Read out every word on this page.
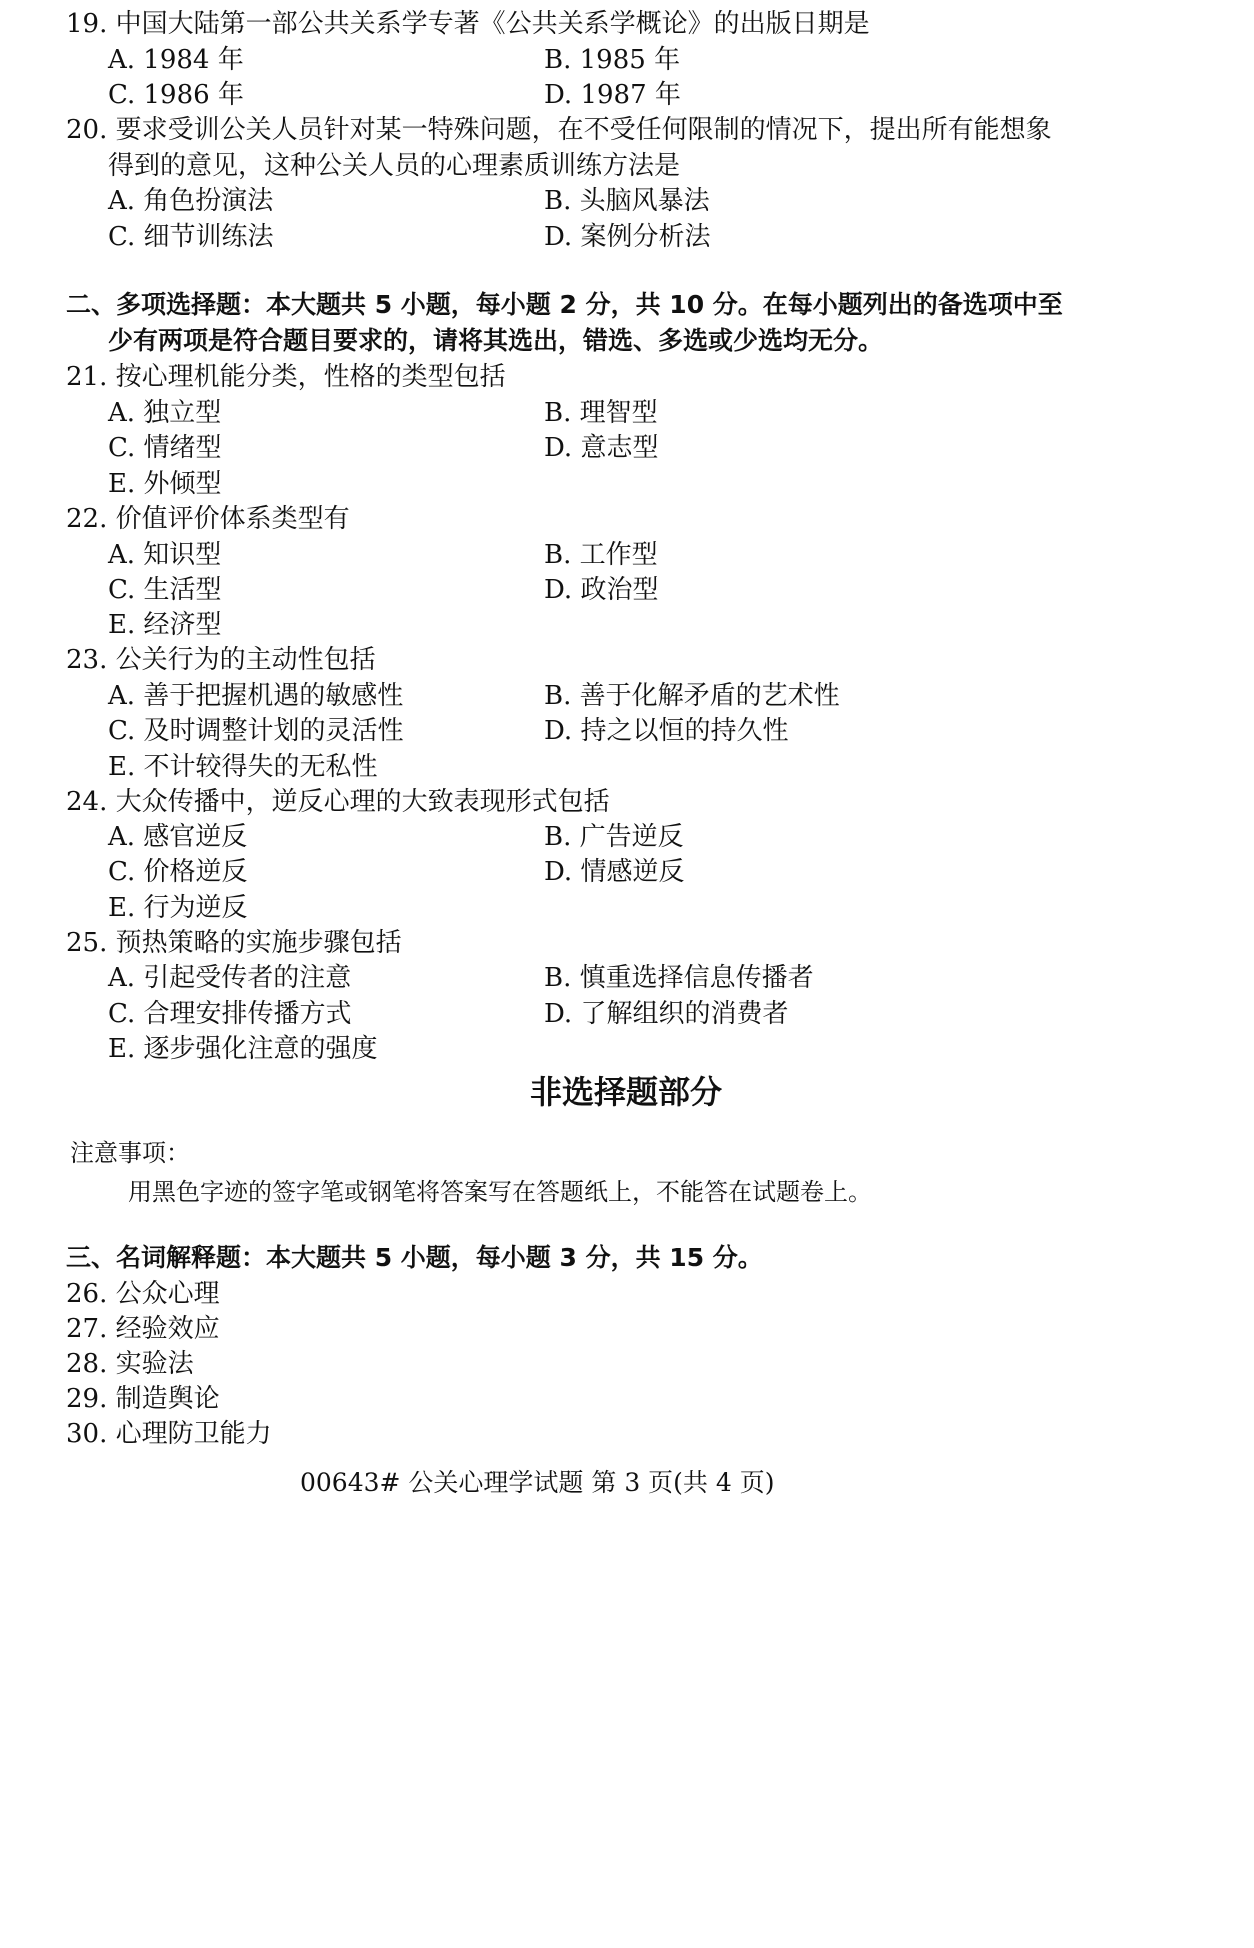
19. 中国大陆第一部公共关系学专著《公共关系学概论》的出版日期是
A. 1984 年	B. 1985 年
C. 1986 年	D. 1987 年
20. 要求受训公关人员针对某一特殊问题，在不受任何限制的情况下，提出所有能想象
得到的意见，这种公关人员的心理素质训练方法是
A. 角色扮演法	B. 头脑风暴法
C. 细节训练法	D. 案例分析法
二、多项选择题：本大题共 5 小题，每小题 2 分，共 10 分。在每小题列出的备选项中至
少有两项是符合题目要求的，请将其选出，错选、多选或少选均无分。
21. 按心理机能分类，性格的类型包括
A. 独立型	B. 理智型
C. 情绪型	D. 意志型
E. 外倾型
22. 价值评价体系类型有
A. 知识型	B. 工作型
C. 生活型	D. 政治型
E. 经济型
23. 公关行为的主动性包括
A. 善于把握机遇的敏感性	B. 善于化解矛盾的艺术性
C. 及时调整计划的灵活性	D. 持之以恒的持久性
E. 不计较得失的无私性
24. 大众传播中，逆反心理的大致表现形式包括
A. 感官逆反	B. 广告逆反
C. 价格逆反	D. 情感逆反
E. 行为逆反
25. 预热策略的实施步骤包括
A. 引起受传者的注意	B. 慎重选择信息传播者
C. 合理安排传播方式	D. 了解组织的消费者
E. 逐步强化注意的强度
非选择题部分
注意事项：
用黑色字迹的签字笔或钢笔将答案写在答题纸上，不能答在试题卷上。
三、名词解释题：本大题共 5 小题，每小题 3 分，共 15 分。
26. 公众心理
27. 经验效应
28. 实验法
29. 制造舆论
30. 心理防卫能力
00643# 公关心理学试题 第 3 页(共 4 页)
